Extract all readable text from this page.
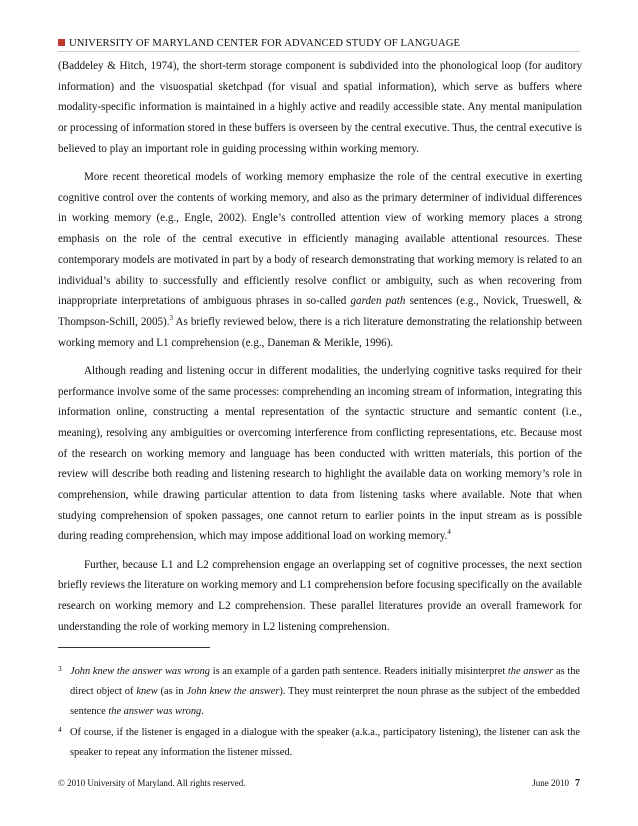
UNIVERSITY OF MARYLAND CENTER FOR ADVANCED STUDY OF LANGUAGE

(Baddeley & Hitch, 1974), the short-term storage component is subdivided into the phonological loop (for auditory information) and the visuospatial sketchpad (for visual and spatial information), which serve as buffers where modality-specific information is maintained in a highly active and readily accessible state. Any mental manipulation or processing of information stored in these buffers is overseen by the central executive. Thus, the central executive is believed to play an important role in guiding processing within working memory.

More recent theoretical models of working memory emphasize the role of the central executive in exerting cognitive control over the contents of working memory, and also as the primary determiner of individual differences in working memory (e.g., Engle, 2002). Engle’s controlled attention view of working memory places a strong emphasis on the role of the central executive in efficiently managing available attentional resources. These contemporary models are motivated in part by a body of research demonstrating that working memory is related to an individual’s ability to successfully and efficiently resolve conflict or ambiguity, such as when recovering from inappropriate interpretations of ambiguous phrases in so-called garden path sentences (e.g., Novick, Trueswell, & Thompson-Schill, 2005).$^3$ As briefly reviewed below, there is a rich literature demonstrating the relationship between working memory and L1 comprehension (e.g., Daneman & Merikle, 1996).

Although reading and listening occur in different modalities, the underlying cognitive tasks required for their performance involve some of the same processes: comprehending an incoming stream of information, integrating this information online, constructing a mental representation of the syntactic structure and semantic content (i.e., meaning), resolving any ambiguities or overcoming interference from conflicting representations, etc. Because most of the research on working memory and language has been conducted with written materials, this portion of the review will describe both reading and listening research to highlight the available data on working memory’s role in comprehension, while drawing particular attention to data from listening tasks where available. Note that when studying comprehension of spoken passages, one cannot return to earlier points in the input stream as is possible during reading comprehension, which may impose additional load on working memory.$^4$

Further, because L1 and L2 comprehension engage an overlapping set of cognitive processes, the next section briefly reviews the literature on working memory and L1 comprehension before focusing specifically on the available research on working memory and L2 comprehension. These parallel literatures provide an overall framework for understanding the role of working memory in L2 listening comprehension.

3 John knew the answer was wrong is an example of a garden path sentence. Readers initially misinterpret the answer as the direct object of knew (as in John knew the answer). They must reinterpret the noun phrase as the subject of the embedded sentence the answer was wrong.
4 Of course, if the listener is engaged in a dialogue with the speaker (a.k.a., participatory listening), the listener can ask the speaker to repeat any information the listener missed.
© 2010 University of Maryland. All rights reserved.	June 2010 7
